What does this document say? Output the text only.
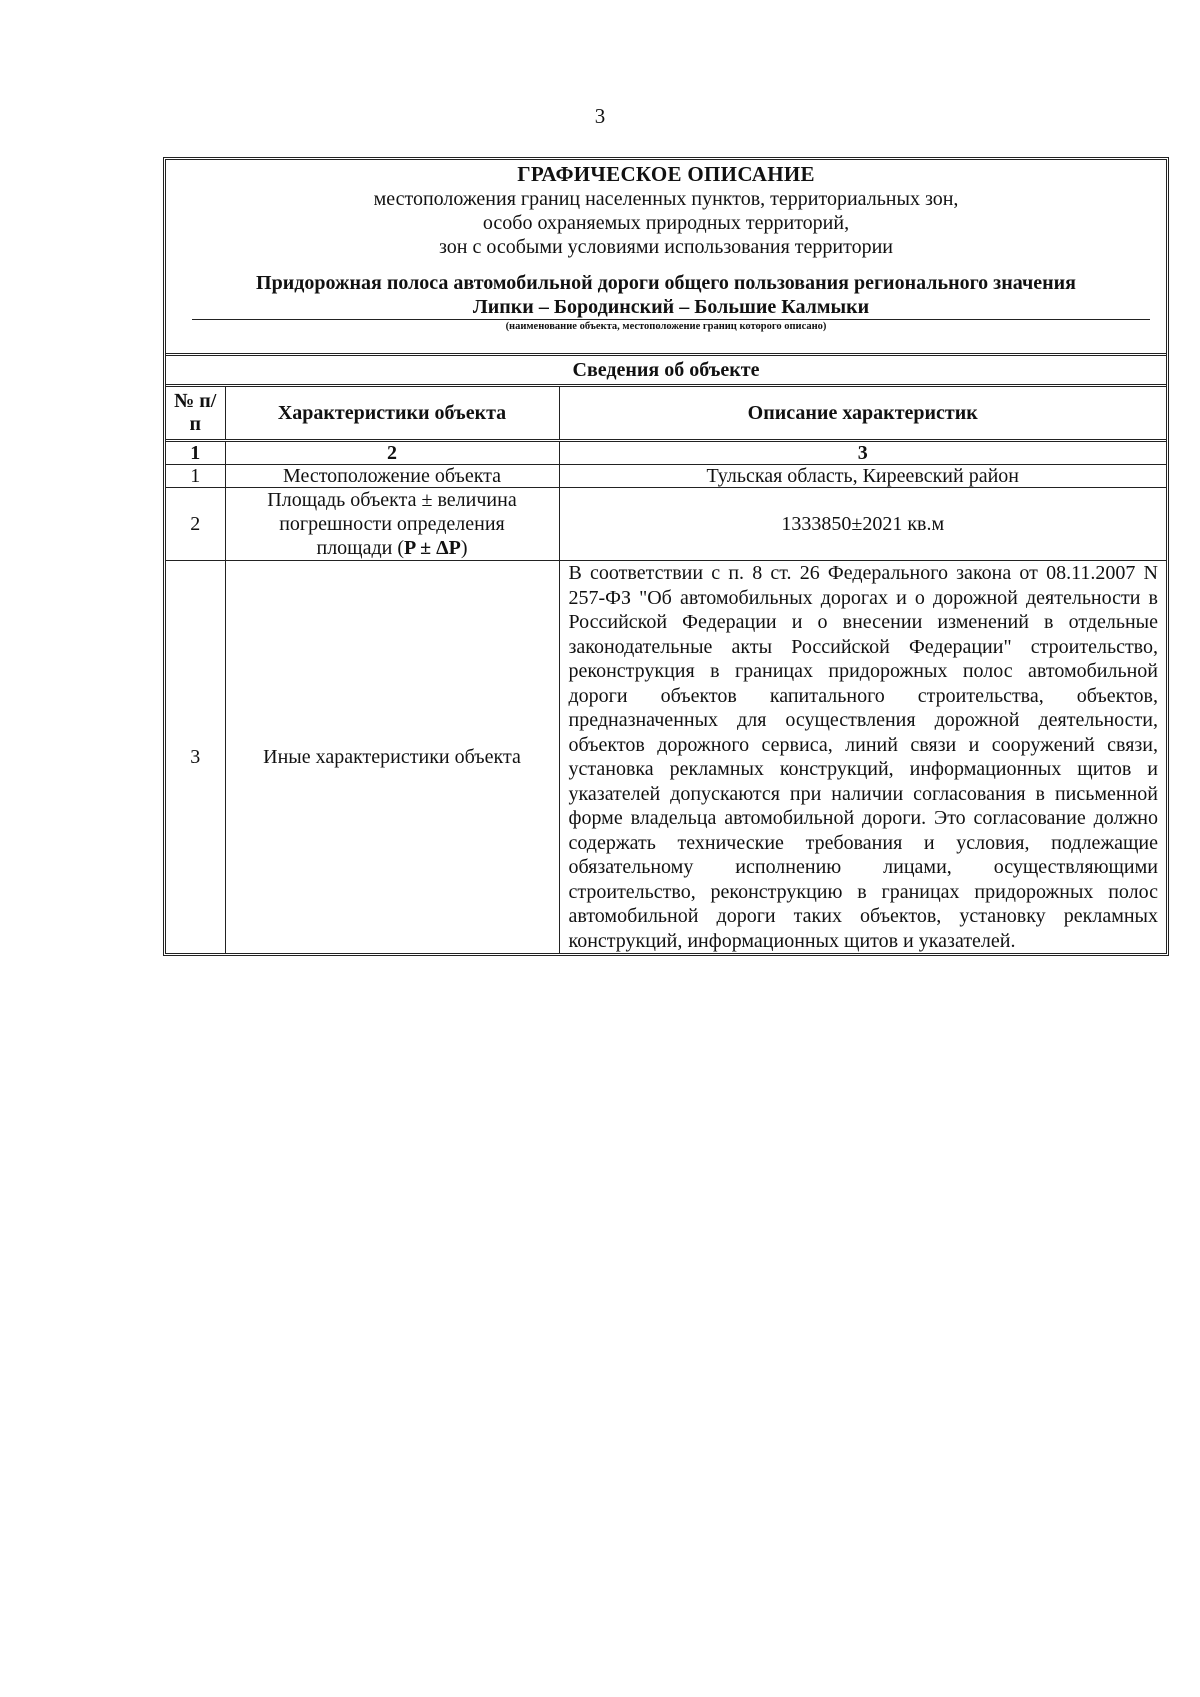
3
ГРАФИЧЕСКОЕ ОПИСАНИЕ
местоположения границ населенных пунктов, территориальных зон,
особо охраняемых природных территорий,
зон с особыми условиями использования территории
Придорожная полоса автомобильной дороги общего пользования регионального значения
Липки – Бородинский – Большие Калмыки
(наименование объекта, местоположение границ которого описано)
Сведения об объекте
№ п/п	Характеристики объекта	Описание характеристик
1	2	3
1	Местоположение объекта	Тульская область, Киреевский район
2	Площадь объекта ± величина погрешности определения площади (P ± ΔP)	1333850±2021 кв.м
3	Иные характеристики объекта	В соответствии с п. 8 ст. 26 Федерального закона от 08.11.2007 N 257-ФЗ "Об автомобильных дорогах и о дорожной деятельности в Российской Федерации и о внесении изменений в отдельные законодательные акты Российской Федерации" строительство, реконструкция в границах придорожных полос автомобильной дороги объектов капитального строительства, объектов, предназначенных для осуществления дорожной деятельности, объектов дорожного сервиса, линий связи и сооружений связи, установка рекламных конструкций, информационных щитов и указателей допускаются при наличии согласования в письменной форме владельца автомобильной дороги. Это согласование должно содержать технические требования и условия, подлежащие обязательному исполнению лицами, осуществляющими строительство, реконструкцию в границах придорожных полос автомобильной дороги таких объектов, установку рекламных конструкций, информационных щитов и указателей.
